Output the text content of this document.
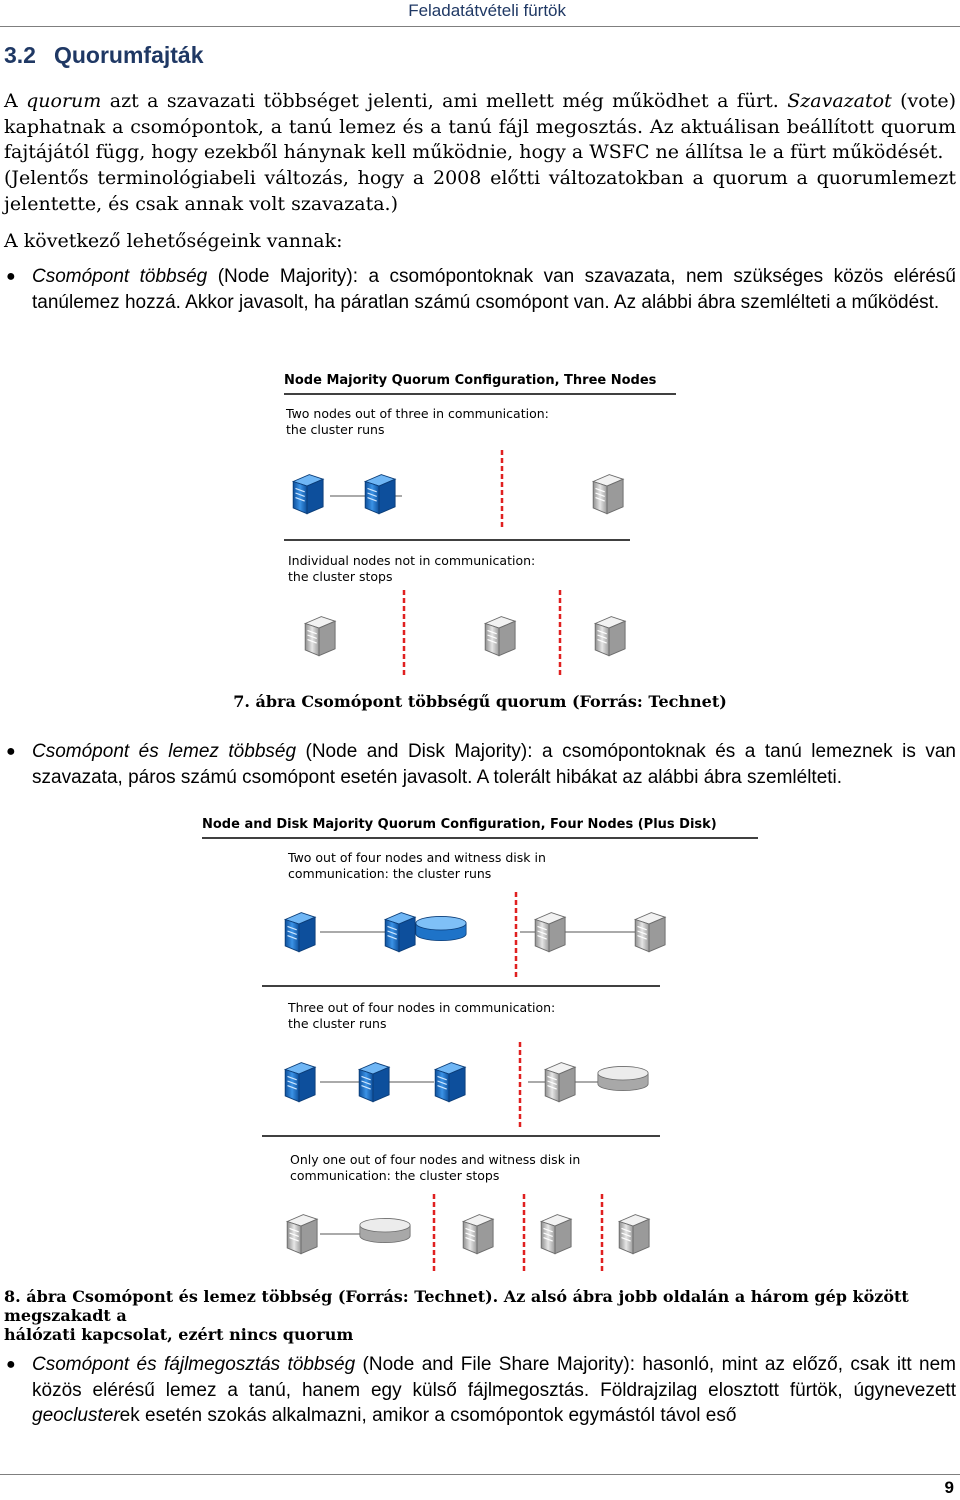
Feladatátvételi fürtök
3.2 Quorumfajták
A quorum azt a szavazati többséget jelenti, ami mellett még működhet a fürt. Szavazatot (vote) kaphatnak a csomópontok, a tanú lemez és a tanú fájl megosztás. Az aktuálisan beállított quorum fajtájától függ, hogy ezekből hánynak kell működnie, hogy a WSFC ne állítsa le a fürt működését.
(Jelentős terminológiabeli változás, hogy a 2008 előtti változatokban a quorum a quorumlemezt jelentette, és csak annak volt szavazata.)
A következő lehetőségeink vannak:
● Csomópont többség (Node Majority): a csomópontoknak van szavazata, nem szükséges közös elérésű tanúlemez hozzá. Akkor javasolt, ha páratlan számú csomópont van. Az alábbi ábra szemlélteti a működést.
Node Majority Quorum Configuration, Three Nodes
Two nodes out of three in communication:
the cluster runs
Individual nodes not in communication:
the cluster stops
7. ábra Csomópont többségű quorum (Forrás: Technet)
● Csomópont és lemez többség (Node and Disk Majority): a csomópontoknak és a tanú lemeznek is van szavazata, páros számú csomópont esetén javasolt. A tolerált hibákat az alábbi ábra szemlélteti.
Node and Disk Majority Quorum Configuration, Four Nodes (Plus Disk)
Two out of four nodes and witness disk in
communication: the cluster runs
Three out of four nodes in communication:
the cluster runs
Only one out of four nodes and witness disk in
communication: the cluster stops
8. ábra Csomópont és lemez többség (Forrás: Technet). Az alsó ábra jobb oldalán a három gép között megszakadt a
hálózati kapcsolat, ezért nincs quorum
● Csomópont és fájlmegosztás többség (Node and File Share Majority): hasonló, mint az előző, csak itt nem közös elérésű lemez a tanú, hanem egy külső fájlmegosztás. Földrajzilag elosztott fürtök, úgynevezett geoclusterek esetén szokás alkalmazni, amikor a csomópontok egymástól távol eső
9
